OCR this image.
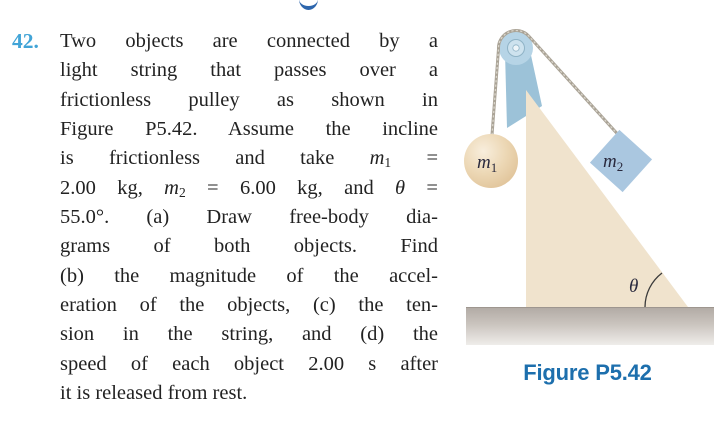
42. Two objects are connected by a
light string that passes over a
frictionless pulley as shown in
Figure P5.42. Assume the incline
is frictionless and take $m_1$ =
2.00 kg, $m_2 = 6.00$ kg, and θ =
55.0°. (a) Draw free-body dia-
grams of both objects. Find
(b) the magnitude of the accel-
eration of the objects, (c) the ten-
sion in the string, and (d) the
speed of each object 2.00 s after
it is released from rest.
$m_1$	$m_2$
θ
Figure P5.42
